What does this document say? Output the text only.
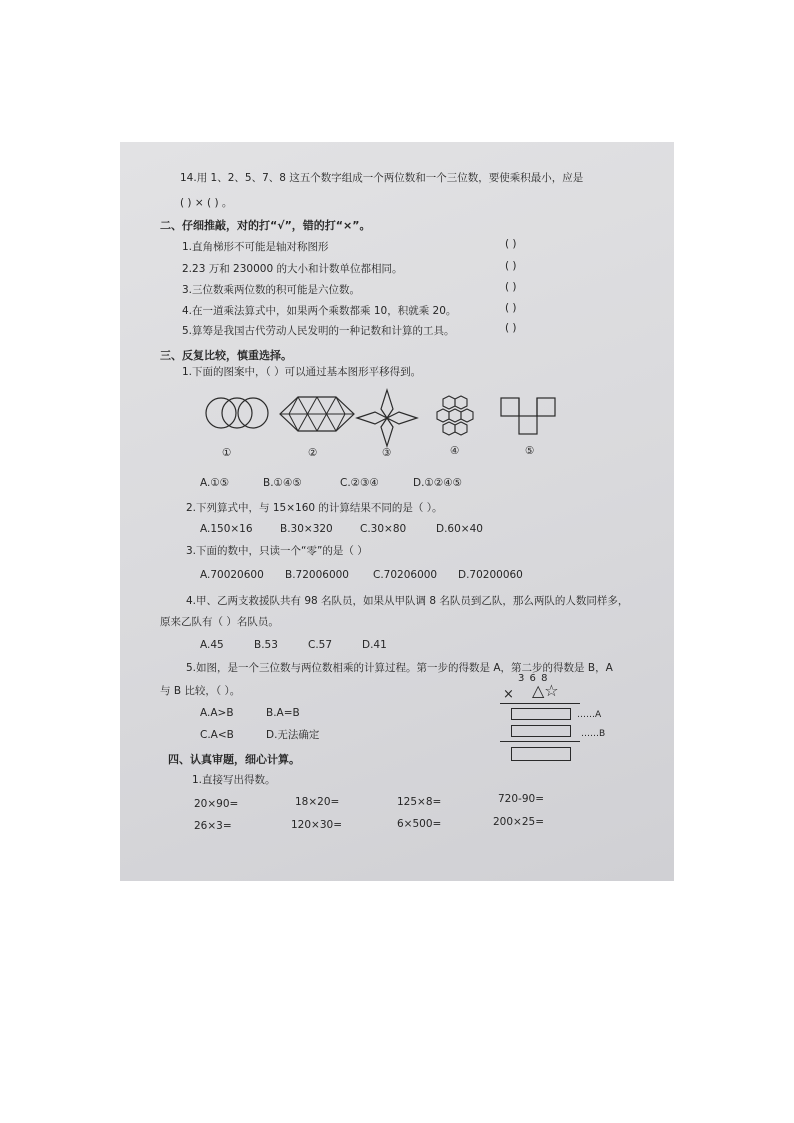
14.用 1、2、5、7、8 这五个数字组成一个两位数和一个三位数，要使乘积最小，应是
( ) × ( ) 。
二、仔细推敲，对的打“√”，错的打“×”。
1.直角梯形不可能是轴对称图形	( )
2.23 万和 230000 的大小和计数单位都相同。	( )
3.三位数乘两位数的积可能是六位数。	( )
4.在一道乘法算式中，如果两个乘数都乘 10，积就乘 20。	( )
5.算筹是我国古代劳动人民发明的一种记数和计算的工具。	( )
三、反复比较，慎重选择。
1.下面的图案中，（ ）可以通过基本图形平移得到。
①	②	③	④	⑤
A.①⑤	B.①④⑤	C.②③④	D.①②④⑤
2.下列算式中，与 15×160 的计算结果不同的是（ ）。
A.150×16	B.30×320	C.30×80	D.60×40
3.下面的数中，只读一个“零”的是（ ）
A.70020600 B.72006000 C.70206000 D.70200060
4.甲、乙两支救援队共有 98 名队员，如果从甲队调 8 名队员到乙队，那么两队的人数同样多，
原来乙队有（ ）名队员。
A.45	B.53	C.57	D.41
5.如图，是一个三位数与两位数相乘的计算过程。第一步的得数是 A，第二步的得数是 B，A
与 B 比较，（ ）。
A.A>B	B.A=B
C.A<B	D.无法确定
3 6 8
× △☆
……A
……B
四、认真审题，细心计算。
1.直接写出得数。
20×90=	18×20=	125×8=	720-90=
26×3=	120×30=	6×500=	200×25=
